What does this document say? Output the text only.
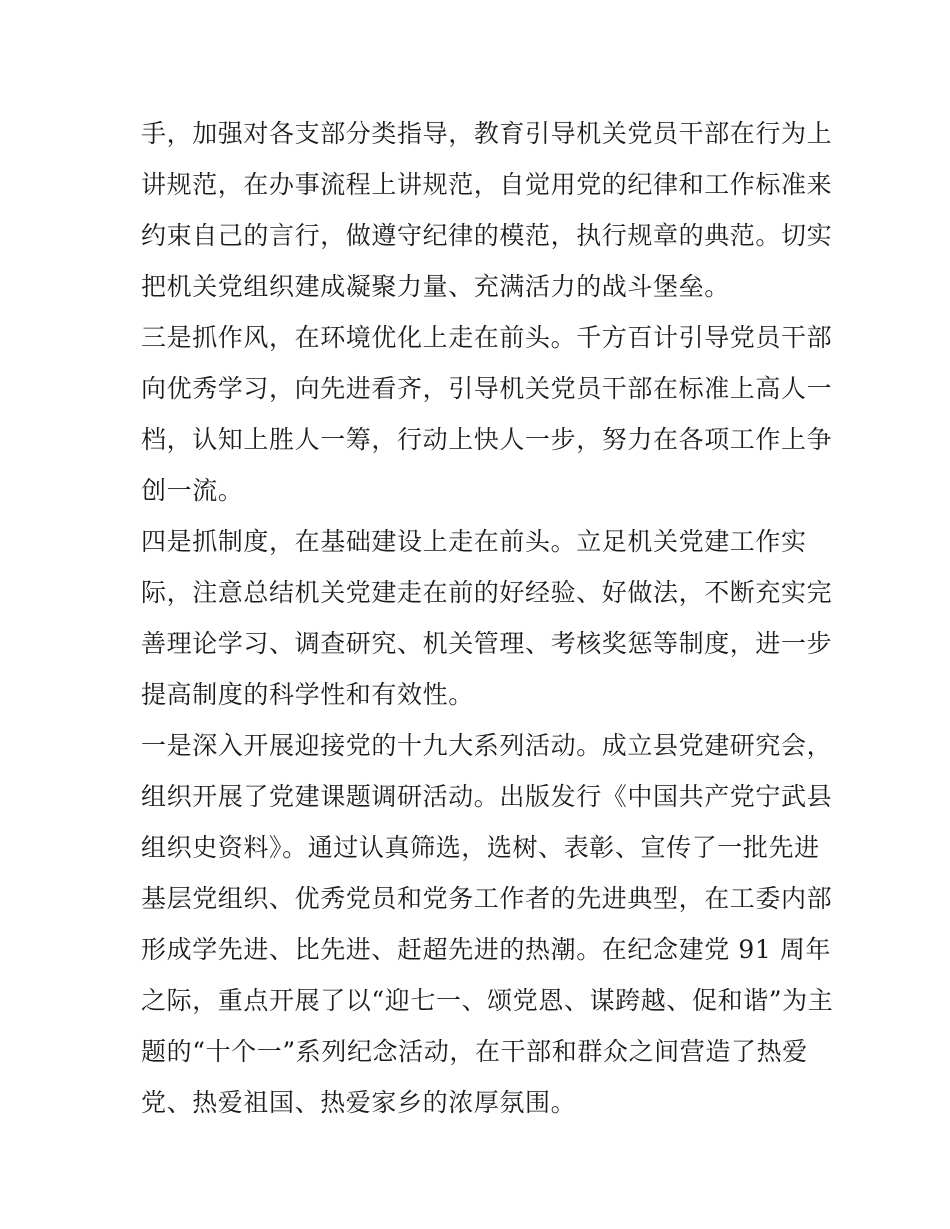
手，加强对各支部分类指导，教育引导机关党员干部在行为上
讲规范，在办事流程上讲规范，自觉用党的纪律和工作标准来
约束自己的言行，做遵守纪律的模范，执行规章的典范。切实
把机关党组织建成凝聚力量、充满活力的战斗堡垒。
三是抓作风，在环境优化上走在前头。千方百计引导党员干部
向优秀学习，向先进看齐，引导机关党员干部在标准上高人一
档，认知上胜人一筹，行动上快人一步，努力在各项工作上争
创一流。
四是抓制度，在基础建设上走在前头。立足机关党建工作实
际，注意总结机关党建走在前的好经验、好做法，不断充实完
善理论学习、调查研究、机关管理、考核奖惩等制度，进一步
提高制度的科学性和有效性。
一是深入开展迎接党的十九大系列活动。成立县党建研究会，
组织开展了党建课题调研活动。出版发行《中国共产党宁武县
组织史资料》。通过认真筛选，选树、表彰、宣传了一批先进
基层党组织、优秀党员和党务工作者的先进典型，在工委内部
形成学先进、比先进、赶超先进的热潮。在纪念建党 91 周年
之际，重点开展了以“迎七一、颂党恩、谋跨越、促和谐”为主
题的“十个一”系列纪念活动，在干部和群众之间营造了热爱
党、热爱祖国、热爱家乡的浓厚氛围。
